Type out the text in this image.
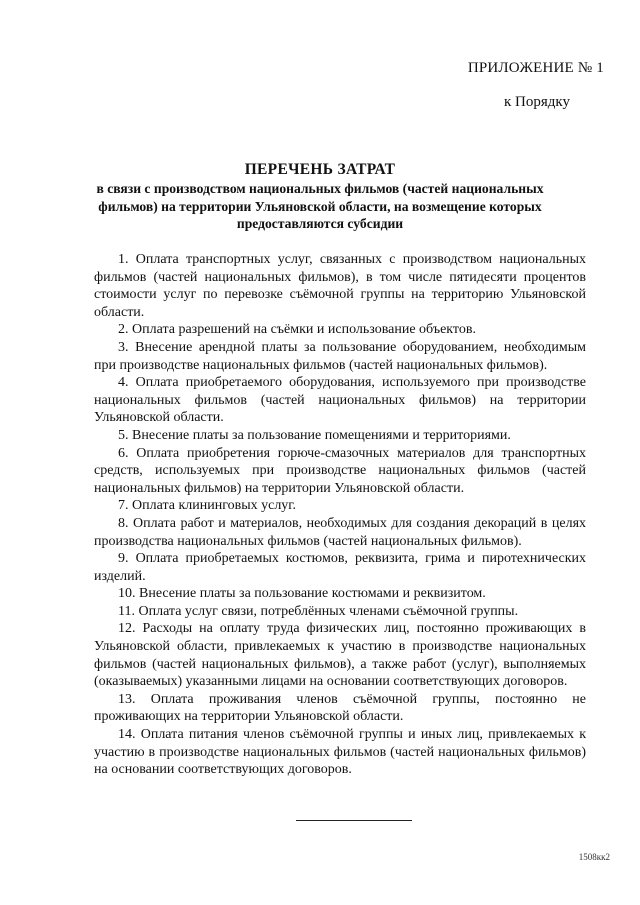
ПРИЛОЖЕНИЕ № 1
к Порядку
ПЕРЕЧЕНЬ ЗАТРАТ
в связи с производством национальных фильмов (частей национальных фильмов) на территории Ульяновской области, на возмещение которых предоставляются субсидии

1. Оплата транспортных услуг, связанных с производством национальных фильмов (частей национальных фильмов), в том числе пятидесяти процентов стоимости услуг по перевозке съёмочной группы на территорию Ульяновской области.

2. Оплата разрешений на съёмки и использование объектов.

3. Внесение арендной платы за пользование оборудованием, необходимым при производстве национальных фильмов (частей национальных фильмов).

4. Оплата приобретаемого оборудования, используемого при производстве национальных фильмов (частей национальных фильмов) на территории Ульяновской области.

5. Внесение платы за пользование помещениями и территориями.

6. Оплата приобретения горюче-смазочных материалов для транспортных средств, используемых при производстве национальных фильмов (частей национальных фильмов) на территории Ульяновской области.

7. Оплата клининговых услуг.

8. Оплата работ и материалов, необходимых для создания декораций в целях производства национальных фильмов (частей национальных фильмов).

9. Оплата приобретаемых костюмов, реквизита, грима и пиротехнических изделий.

10. Внесение платы за пользование костюмами и реквизитом.

11. Оплата услуг связи, потреблённых членами съёмочной группы.

12. Расходы на оплату труда физических лиц, постоянно проживающих в Ульяновской области, привлекаемых к участию в производстве национальных фильмов (частей национальных фильмов), а также работ (услуг), выполняемых (оказываемых) указанными лицами на основании соответствующих договоров.

13. Оплата проживания членов съёмочной группы, постоянно не проживающих на территории Ульяновской области.

14. Оплата питания членов съёмочной группы и иных лиц, привлекаемых к участию в производстве национальных фильмов (частей национальных фильмов) на основании соответствующих договоров.

1508кк2
